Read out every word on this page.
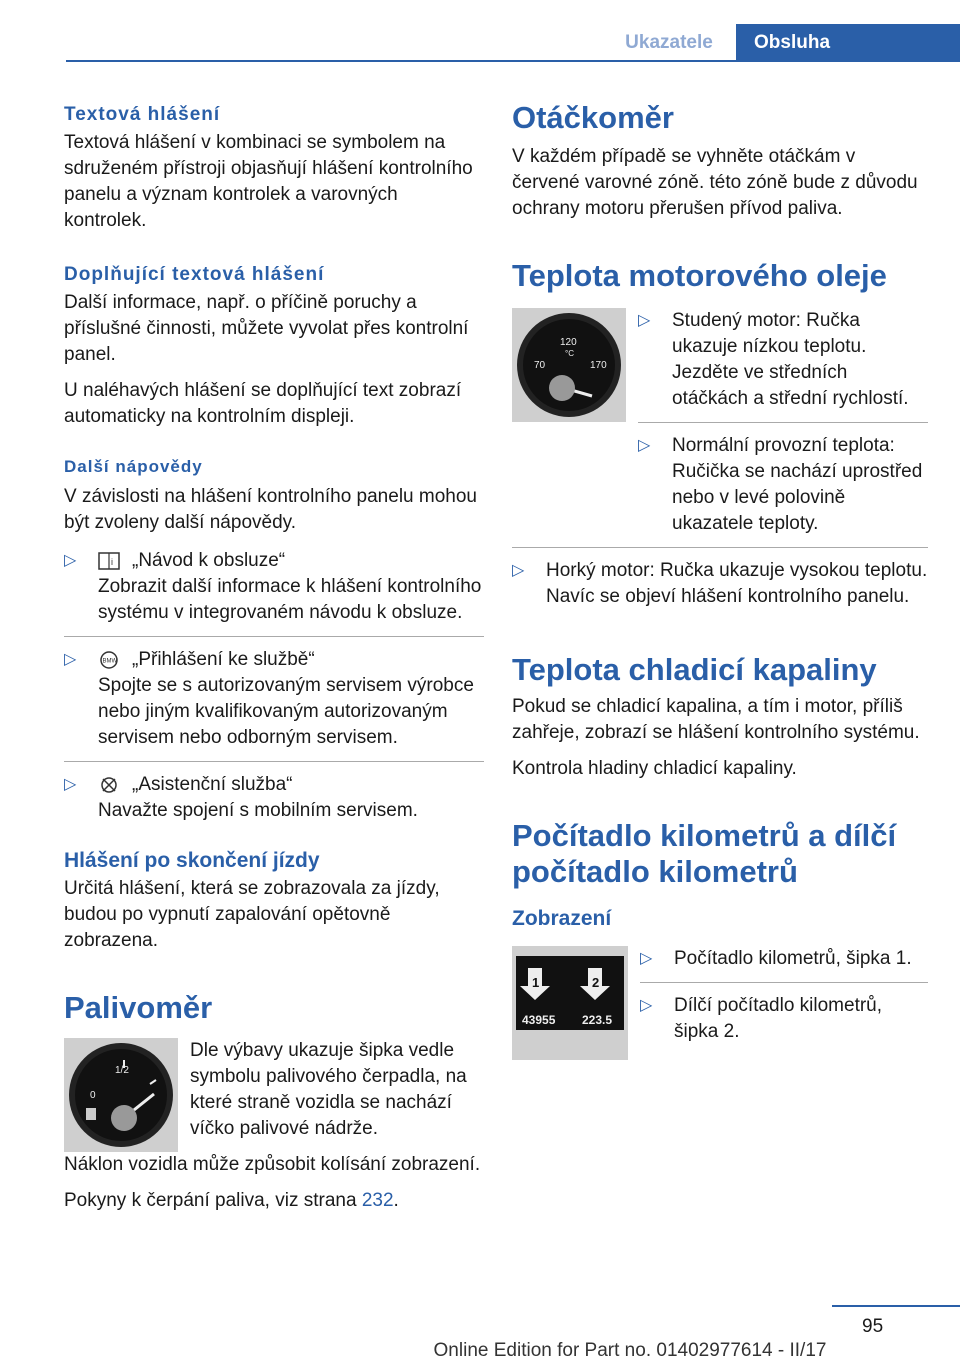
Ukazatele	Obsluha
Textová hlášení

Textová hlášení v kombinaci se symbolem na sdruženém přístroji objasňují hlášení kontrolního panelu a význam kontrolek a varovných kontrolek.

Doplňující textová hlášení

Další informace, např. o příčině poruchy a příslušné činnosti, můžete vyvolat přes kontrolní panel.

U naléhavých hlášení se doplňující text zobrazí automaticky na kontrolním displeji.

Další nápovědy

V závislosti na hlášení kontrolního panelu mohou být zvoleny další nápovědy.

▷	i „Návod k obsluze“
Zobrazit další informace k hlášení kontrolního systému v integrovaném návodu k obsluze.
▷	BMW „Přihlášení ke službě“
Spojte se s autorizovaným servisem výrobce nebo jiným kvalifikovaným autorizovaným servisem nebo odborným servisem.
▷	„Asistenční služba“
Navažte spojení s mobilním servisem.
Hlášení po skončení jízdy

Určitá hlášení, která se zobrazovala za jízdy, budou po vypnutí zapalování opětovně zobrazena.

Palivoměr
1/2
0

Dle výbavy ukazuje šipka vedle symbolu palivového čerpadla, na které straně vozidla se nachází víčko palivové nádrže.

Náklon vozidla může způsobit kolísání zobrazení.

Pokyny k čerpání paliva, viz strana 232.

Otáčkoměr

V každém případě se vyhněte otáčkám v červené varovné zóně. této zóně bude z důvodu ochrany motoru přerušen přívod paliva.

Teplota motorového oleje
120
°C
70	170
▷ Studený motor: Ručka ukazuje nízkou teplotu. Jezděte ve středních otáčkách a střední rychlostí.
▷ Normální provozní teplota: Ručička se nachází uprostřed nebo v levé polovině ukazatele teploty.
▷ Horký motor: Ručka ukazuje vysokou teplotu. Navíc se objeví hlášení kontrolního panelu.
Teplota chladicí kapaliny

Pokud se chladicí kapalina, a tím i motor, příliš zahřeje, zobrazí se hlášení kontrolního systému.

Kontrola hladiny chladicí kapaliny.

Počítadlo kilometrů a dílčí počítadlo kilometrů
Zobrazení
1	2
43955 223.5
▷ Počítadlo kilometrů, šipka 1.
▷ Dílčí počítadlo kilometrů, šipka 2.
95
Online Edition for Part no. 01402977614 - II/17
